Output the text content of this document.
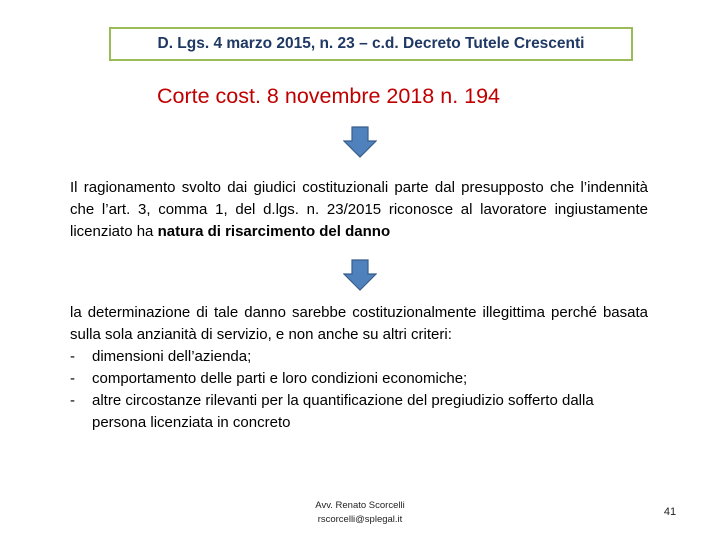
D. Lgs. 4 marzo 2015, n. 23 – c.d. Decreto Tutele Crescenti
Corte cost. 8 novembre 2018 n. 194

Il ragionamento svolto dai giudici costituzionali parte dal presupposto che l’indennità che l’art. 3, comma 1, del d.lgs. n. 23/2015 riconosce al lavoratore ingiustamente licenziato ha natura di risarcimento del danno

la determinazione di tale danno sarebbe costituzionalmente illegittima perché basata sulla sola anzianità di servizio, e non anche su altri criteri:

- dimensioni dell’azienda;
- comportamento delle parti e loro condizioni economiche;
- altre circostanze rilevanti per la quantificazione del pregiudizio sofferto dalla persona licenziata in concreto
Avv. Renato Scorcelli
rscorcelli@splegal.it
41
